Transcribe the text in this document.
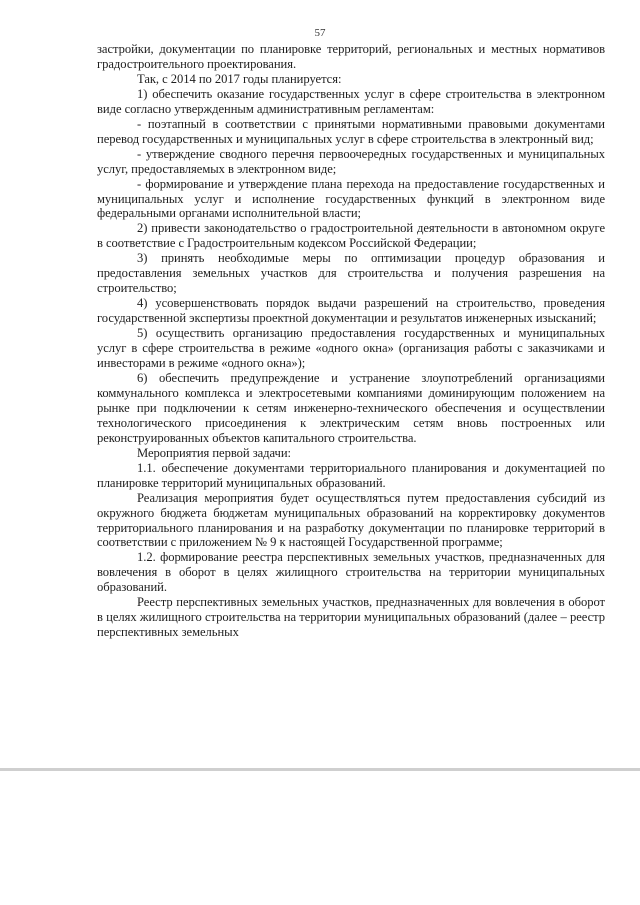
57

застройки, документации по планировке территорий, региональных и местных нормативов градостроительного проектирования.

Так, с 2014 по 2017 годы планируется:

1) обеспечить оказание государственных услуг в сфере строительства в электронном виде согласно утвержденным административным регламентам:

- поэтапный в соответствии с принятыми нормативными правовыми документами перевод государственных и муниципальных услуг в сфере строительства в электронный вид;

- утверждение сводного перечня первоочередных государственных и муниципальных услуг, предоставляемых в электронном виде;

- формирование и утверждение плана перехода на предоставление государственных и муниципальных услуг и исполнение государственных функций в электронном виде федеральными органами исполнительной власти;

2) привести законодательство о градостроительной деятельности в автономном округе в соответствие с Градостроительным кодексом Российской Федерации;

3) принять необходимые меры по оптимизации процедур образования и предоставления земельных участков для строительства и получения разрешения на строительство;

4) усовершенствовать порядок выдачи разрешений на строительство, проведения государственной экспертизы проектной документации и результатов инженерных изысканий;

5) осуществить организацию предоставления государственных и муниципальных услуг в сфере строительства в режиме «одного окна» (организация работы с заказчиками и инвесторами в режиме «одного окна»);

6) обеспечить предупреждение и устранение злоупотреблений организациями коммунального комплекса и электросетевыми компаниями доминирующим положением на рынке при подключении к сетям инженерно-технического обеспечения и осуществлении технологического присоединения к электрическим сетям вновь построенных или реконструированных объектов капитального строительства.

Мероприятия первой задачи:

1.1. обеспечение документами территориального планирования и документацией по планировке территорий муниципальных образований.

Реализация мероприятия будет осуществляться путем предоставления субсидий из окружного бюджета бюджетам муниципальных образований на корректировку документов территориального планирования и на разработку документации по планировке территорий в соответствии с приложением № 9 к настоящей Государственной программе;

1.2. формирование реестра перспективных земельных участков, предназначенных для вовлечения в оборот в целях жилищного строительства на территории муниципальных образований.

Реестр перспективных земельных участков, предназначенных для вовлечения в оборот в целях жилищного строительства на территории муниципальных образований (далее – реестр перспективных земельных
